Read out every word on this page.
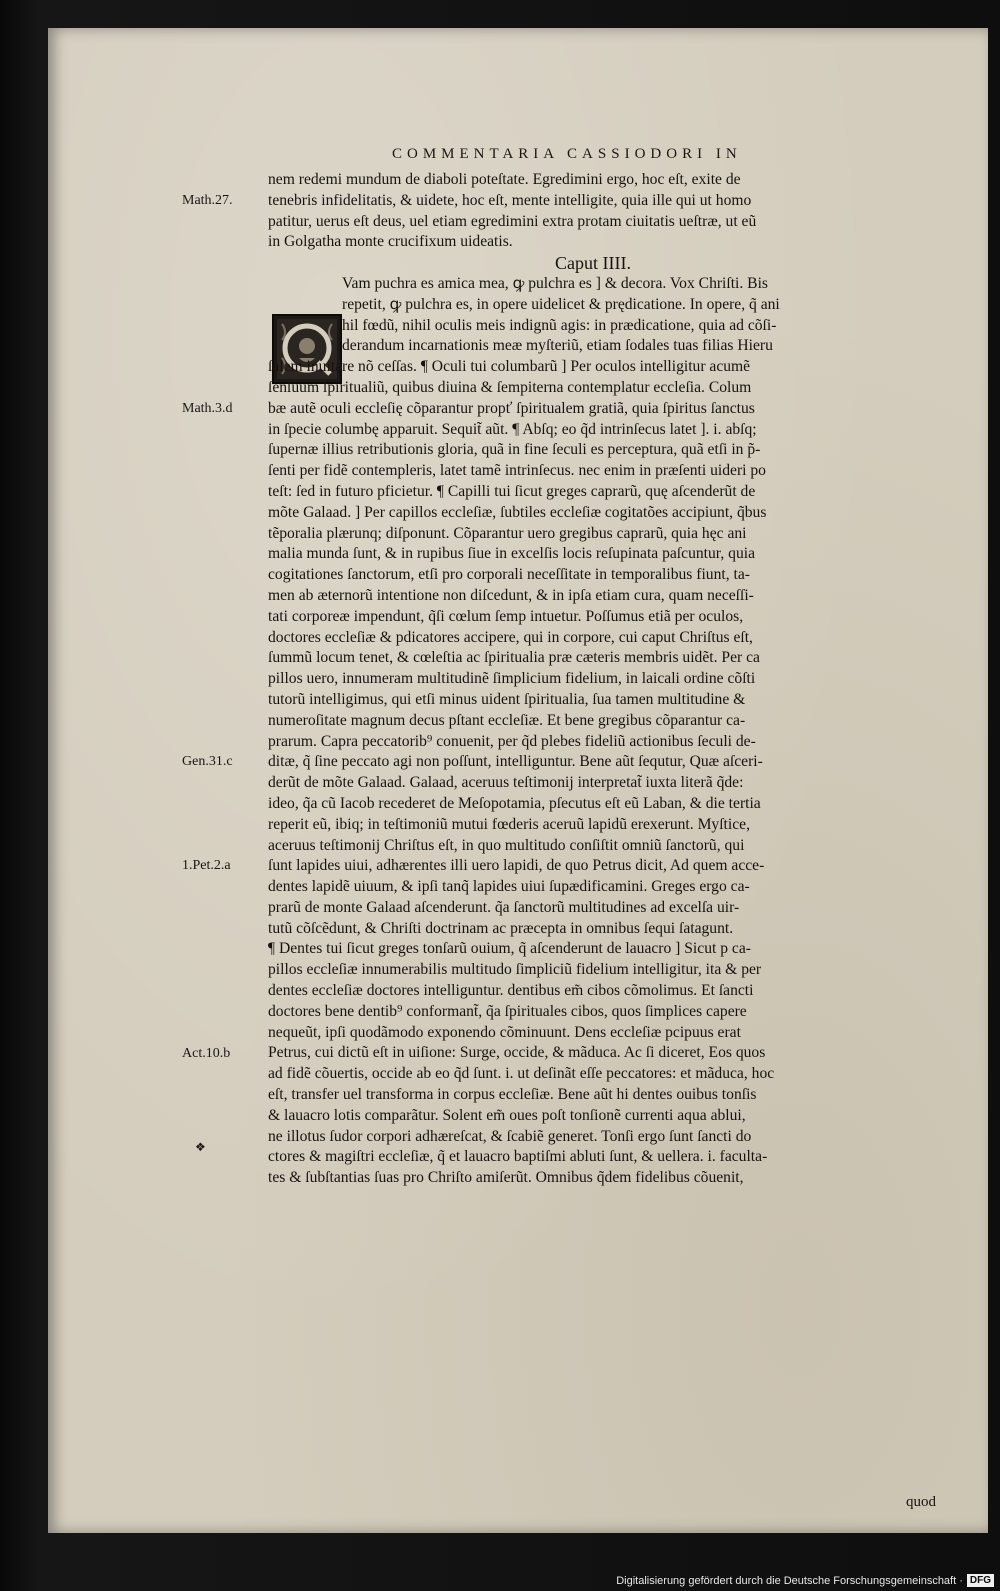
COMMENTARIA CASSIODORI IN
nem redemi mundum de diaboli poteſtate. Egredimini ergo, hoc eſt, exite de
tenebris infidelitatis, & uidete, hoc eſt, mente intelligite, quia ille qui ut homo
patitur, uerus eſt deus, uel etiam egredimini extra protam ciuitatis ueſtræ, ut eũ
in Golgatha monte crucifixum uideatis.
Caput IIII.
Vam puchra es amica mea, ꝙ pulchra es ] & decora. Vox Chriſti. Bis
repetit, ꝙ pulchra es, in opere uidelicet & prędicatione. In opere, q̃ ani
hil fœdũ, nihil oculis meis indignũ agis: in prædicatione, quia ad cõſi-
derandum incarnationis meæ myſteriũ, etiam ſodales tuas filias Hieru
ſalem inuitare nõ ceſſas. ¶ Oculi tui columbarũ ] Per oculos intelligitur acumẽ
ſenſuum ſpiritualiũ, quibus diuina & ſempiterna contemplatur eccleſia. Colum
bæ autẽ oculi eccleſię cõparantur propť ſpiritualem gratiã, quia ſpiritus ſanctus
in ſpecie columbę apparuit. Sequit̃ aũt. ¶ Abſq; eo q̃d intrinſecus latet ]. i. abſq;
ſupernæ illius retributionis gloria, quã in fine ſeculi es perceptura, quã etſi in p̃-
ſenti per fidẽ contempleris, latet tamẽ intrinſecus. nec enim in præſenti uideri po
teſt: ſed in futuro pficietur. ¶ Capilli tui ſicut greges caprarũ, quę aſcenderũt de
mõte Galaad. ] Per capillos eccleſiæ, ſubtiles eccleſiæ cogitatões accipiunt, q̃bus
tẽporalia plærunq; diſponunt. Cõparantur uero gregibus caprarũ, quia hęc ani
malia munda ſunt, & in rupibus ſiue in excelſis locis reſupinata paſcuntur, quia
cogitationes ſanctorum, etſi pro corporali neceſſitate in temporalibus fiunt, ta-
men ab æternorũ intentione non diſcedunt, & in ipſa etiam cura, quam neceſſi-
tati corporeæ impendunt, q̃ſi cœlum ſemp intuetur. Poſſumus etiã per oculos,
doctores eccleſiæ & pdicatores accipere, qui in corpore, cui caput Chriſtus eſt,
ſummũ locum tenet, & cœleſtia ac ſpiritualia præ cæteris membris uidẽt. Per ca
pillos uero, innumeram multitudinẽ ſimplicium fidelium, in laicali ordine cõſti
tutorũ intelligimus, qui etſi minus uident ſpiritualia, ſua tamen multitudine &
numeroſitate magnum decus pſtant eccleſiæ. Et bene gregibus cõparantur ca-
prarum. Capra peccatorib⁹ conuenit, per q̃d plebes fideliũ actionibus ſeculi de-
ditæ, q̃ ſine peccato agi non poſſunt, intelliguntur. Bene aũt ſequtur, Quæ aſceri-
derũt de mõte Galaad. Galaad, aceruus teſtimonij interpretat̃ iuxta literã q̃de:
ideo, q̃a cũ Iacob recederet de Meſopotamia, pſecutus eſt eũ Laban, & die tertia
reperit eũ, ibiq; in teſtimoniũ mutui fœderis aceruũ lapidũ erexerunt. Myſtice,
aceruus teſtimonij Chriſtus eſt, in quo multitudo conſiſtit omniũ ſanctorũ, qui
ſunt lapides uiui, adhærentes illi uero lapidi, de quo Petrus dicit, Ad quem acce-
dentes lapidẽ uiuum, & ipſi tanq̃ lapides uiui ſupædificamini. Greges ergo ca-
prarũ de monte Galaad aſcenderunt. q̃a ſanctorũ multitudines ad excelſa uir-
tutũ cõſcẽdunt, & Chriſti doctrinam ac præcepta in omnibus ſequi ſatagunt.
¶ Dentes tui ſicut greges tonſarũ ouium, q̃ aſcenderunt de lauacro ] Sicut p ca-
pillos eccleſiæ innumerabilis multitudo ſimpliciũ fidelium intelligitur, ita & per
dentes eccleſiæ doctores intelliguntur. dentibus em̃ cibos cõmolimus. Et ſancti
doctores bene dentib⁹ conformant̃, q̃a ſpirituales cibos, quos ſimplices capere
nequeũt, ipſi quodãmodo exponendo cõminuunt. Dens eccleſiæ pcipuus erat
Petrus, cui dictũ eſt in uiſione: Surge, occide, & mãduca. Ac ſi diceret, Eos quos
ad fidẽ cõuertis, occide ab eo q̃d ſunt. i. ut deſinãt eſſe peccatores: et mãduca, hoc
eſt, transfer uel transforma in corpus eccleſiæ. Bene aũt hi dentes ouibus tonſis
& lauacro lotis comparãtur. Solent em̃ oues poſt tonſionẽ currenti aqua ablui,
ne illotus ſudor corpori adhæreſcat, & ſcabiẽ generet. Tonſi ergo ſunt ſancti do
ctores & magiſtri eccleſiæ, q̃ et lauacro baptiſmi abluti ſunt, & uellera. i. faculta-
tes & ſubſtantias ſuas pro Chriſto amiſerũt. Omnibus q̃dem fidelibus cõuenit,
Math.27.
Math.3.d
Gen.31.c
1.Pet.2.a
Act.10.b
❖
quod
Digitalisierung gefördert durch die Deutsche Forschungsgemeinschaft · DFG
